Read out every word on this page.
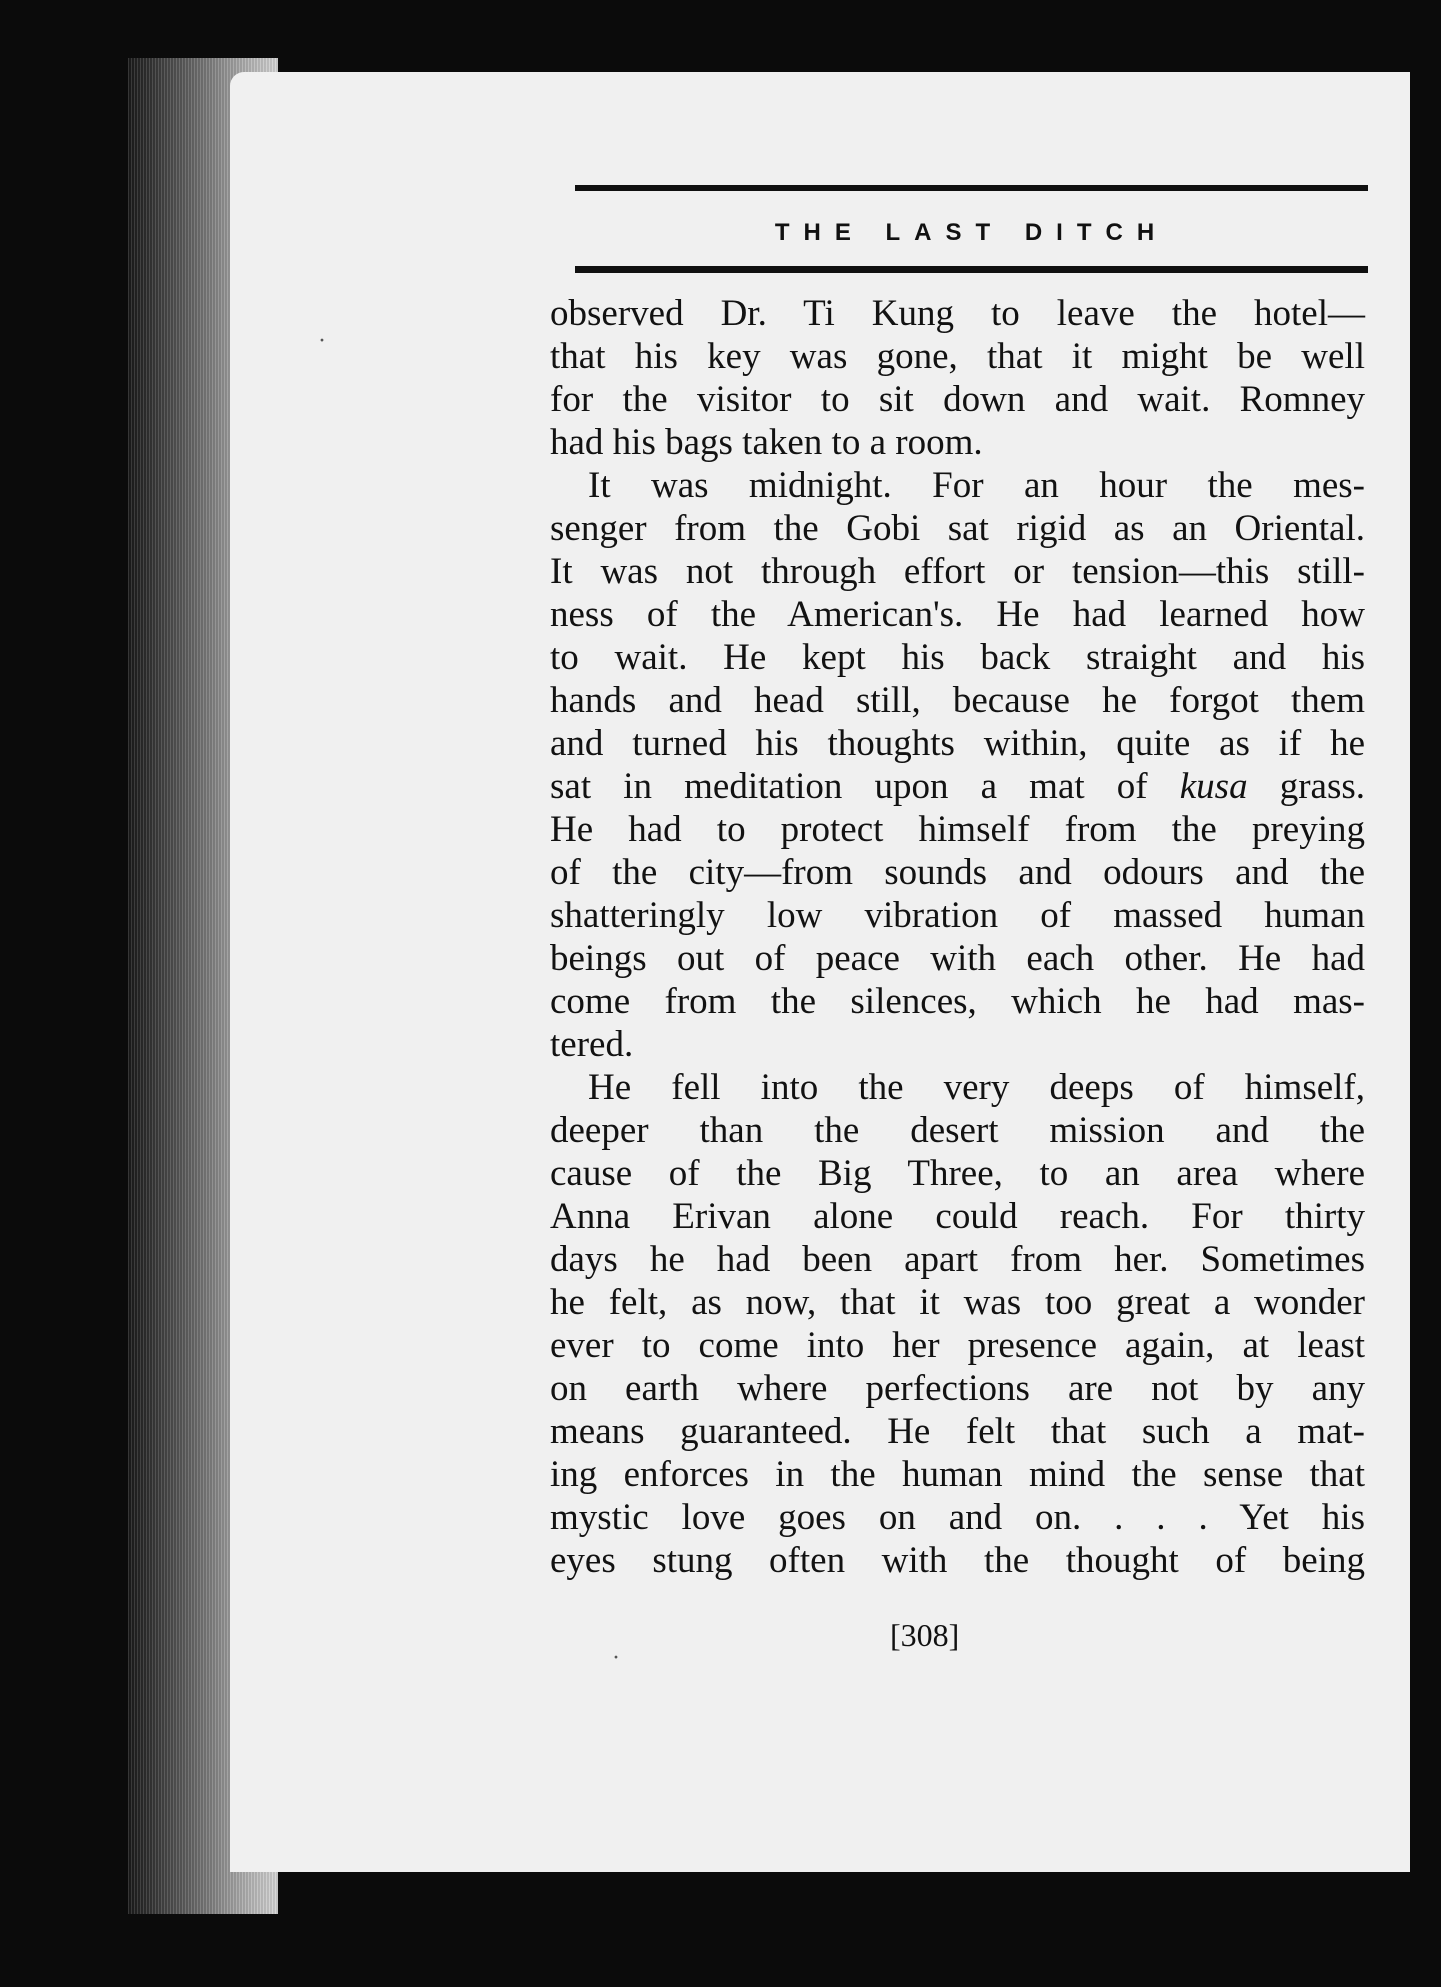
THE LAST DITCH
observed Dr. Ti Kung to leave the hotel—
that his key was gone, that it might be well
for the visitor to sit down and wait. Romney
had his bags taken to a room.
It was midnight. For an hour the mes-
senger from the Gobi sat rigid as an Oriental.
It was not through effort or tension—this still-
ness of the American's. He had learned how
to wait. He kept his back straight and his
hands and head still, because he forgot them
and turned his thoughts within, quite as if he
sat in meditation upon a mat of kusa grass.
He had to protect himself from the preying
of the city—from sounds and odours and the
shatteringly low vibration of massed human
beings out of peace with each other. He had
come from the silences, which he had mas-
tered.
He fell into the very deeps of himself,
deeper than the desert mission and the
cause of the Big Three, to an area where
Anna Erivan alone could reach. For thirty
days he had been apart from her. Sometimes
he felt, as now, that it was too great a wonder
ever to come into her presence again, at least
on earth where perfections are not by any
means guaranteed. He felt that such a mat-
ing enforces in the human mind the sense that
mystic love goes on and on. . . . Yet his
eyes stung often with the thought of being
[308]
·
·
